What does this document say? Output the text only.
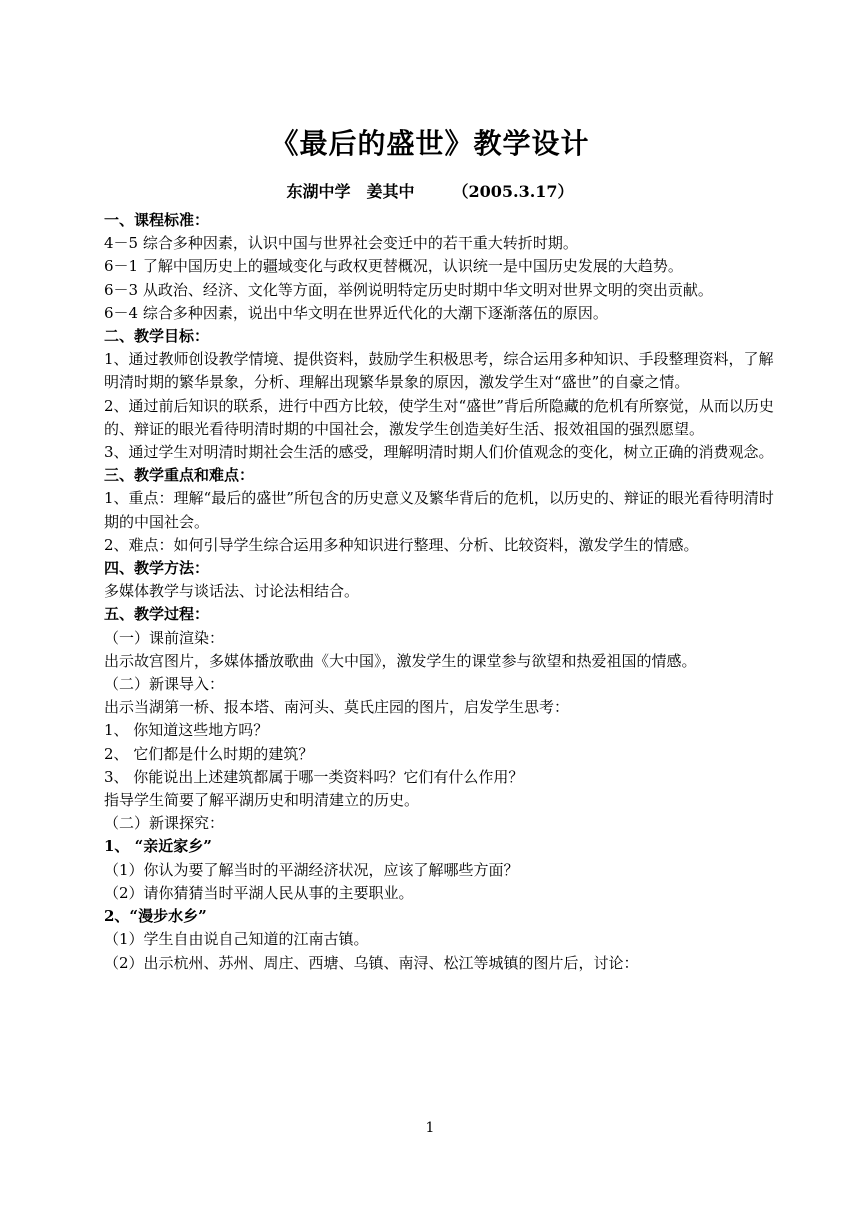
《最后的盛世》教学设计
东湖中学 姜其中 （2005.3.17）

一、课程标准：

4－5 综合多种因素，认识中国与世界社会变迁中的若干重大转折时期。

6－1 了解中国历史上的疆域变化与政权更替概况，认识统一是中国历史发展的大趋势。

6－3 从政治、经济、文化等方面，举例说明特定历史时期中华文明对世界文明的突出贡献。

6－4 综合多种因素，说出中华文明在世界近代化的大潮下逐渐落伍的原因。

二、教学目标：

1、通过教师创设教学情境、提供资料，鼓励学生积极思考，综合运用多种知识、手段整理资料，了解明清时期的繁华景象，分析、理解出现繁华景象的原因，激发学生对“盛世”的自豪之情。

2、通过前后知识的联系，进行中西方比较，使学生对“盛世”背后所隐藏的危机有所察觉，从而以历史的、辩证的眼光看待明清时期的中国社会，激发学生创造美好生活、报效祖国的强烈愿望。

3、通过学生对明清时期社会生活的感受，理解明清时期人们价值观念的变化，树立正确的消费观念。

三、教学重点和难点：

1、重点：理解“最后的盛世”所包含的历史意义及繁华背后的危机，以历史的、辩证的眼光看待明清时期的中国社会。

2、难点：如何引导学生综合运用多种知识进行整理、分析、比较资料，激发学生的情感。

四、教学方法：

多媒体教学与谈话法、讨论法相结合。

五、教学过程：

（一）课前渲染：

出示故宫图片，多媒体播放歌曲《大中国》，激发学生的课堂参与欲望和热爱祖国的情感。

（二）新课导入：

出示当湖第一桥、报本塔、南河头、莫氏庄园的图片，启发学生思考：

1、 你知道这些地方吗？

2、 它们都是什么时期的建筑？

3、 你能说出上述建筑都属于哪一类资料吗？它们有什么作用？

指导学生简要了解平湖历史和明清建立的历史。

（二）新课探究：

1、 “亲近家乡”

（1）你认为要了解当时的平湖经济状况，应该了解哪些方面？

（2）请你猜猜当时平湖人民从事的主要职业。

2、“漫步水乡”

（1）学生自由说自己知道的江南古镇。

（2）出示杭州、苏州、周庄、西塘、乌镇、南浔、松江等城镇的图片后，讨论：

1
